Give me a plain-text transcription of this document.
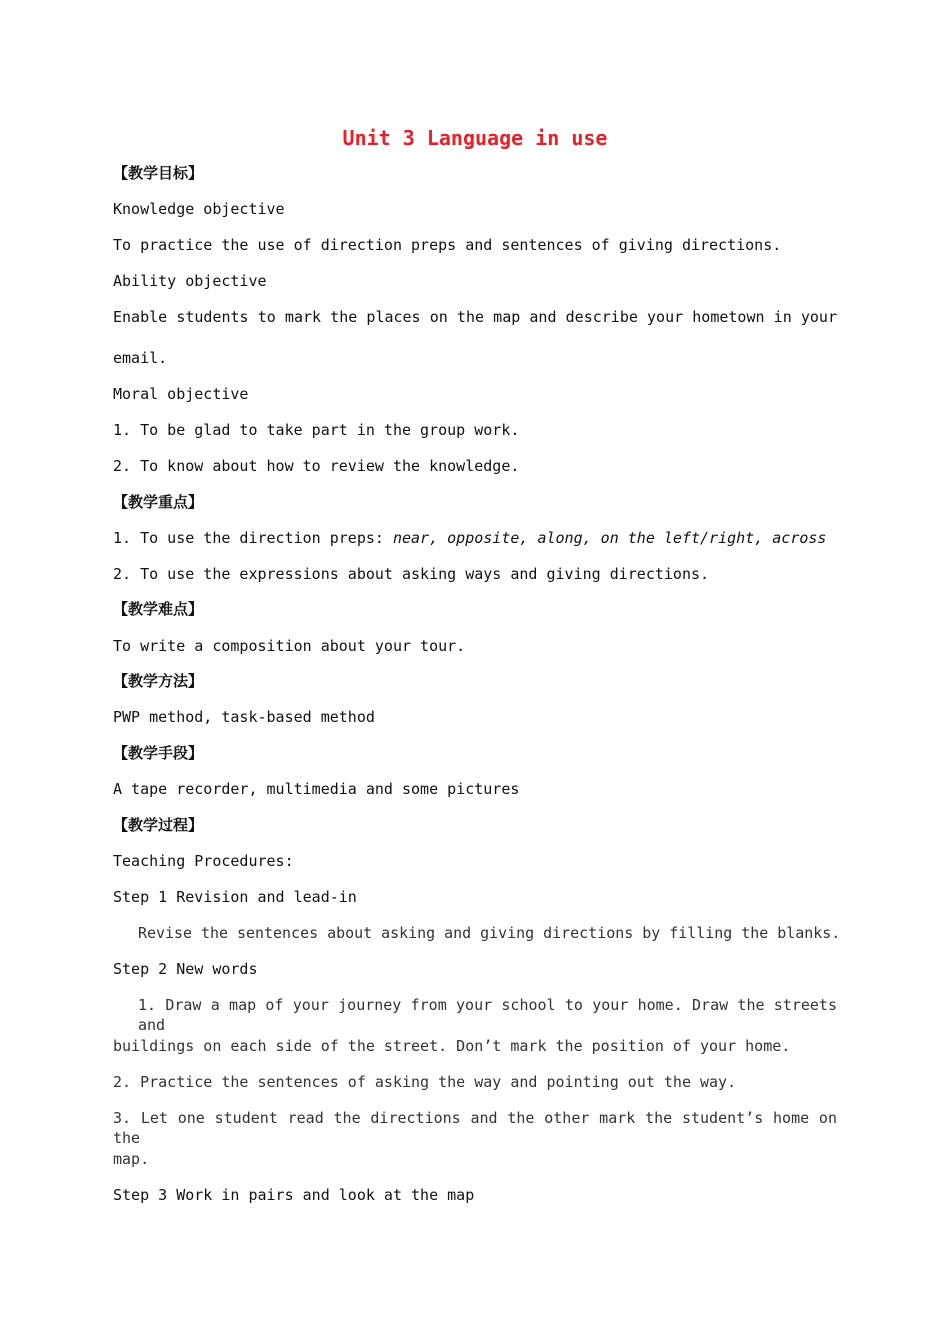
Unit 3 Language in use
【教学目标】
Knowledge objective
To practice the use of direction preps and sentences of giving directions.
Ability objective
Enable students to mark the places on the map and describe your hometown in your
email.
Moral objective
1. To be glad to take part in the group work.
2. To know about how to review the knowledge.
【教学重点】
1. To use the direction preps: near, opposite, along, on the left/right, across
2. To use the expressions about asking ways and giving directions.
【教学难点】
To write a composition about your tour.
【教学方法】
PWP method, task-based method
【教学手段】
A tape recorder, multimedia and some pictures
【教学过程】
Teaching Procedures:
Step 1 Revision and lead-in
Revise the sentences about asking and giving directions by filling the blanks.
Step 2 New words
1. Draw a map of your journey from your school to your home. Draw the streets and
buildings on each side of the street. Don’t mark the position of your home.
2. Practice the sentences of asking the way and pointing out the way.
3. Let one student read the directions and the other mark the student’s home on the
map.
Step 3 Work in pairs and look at the map
